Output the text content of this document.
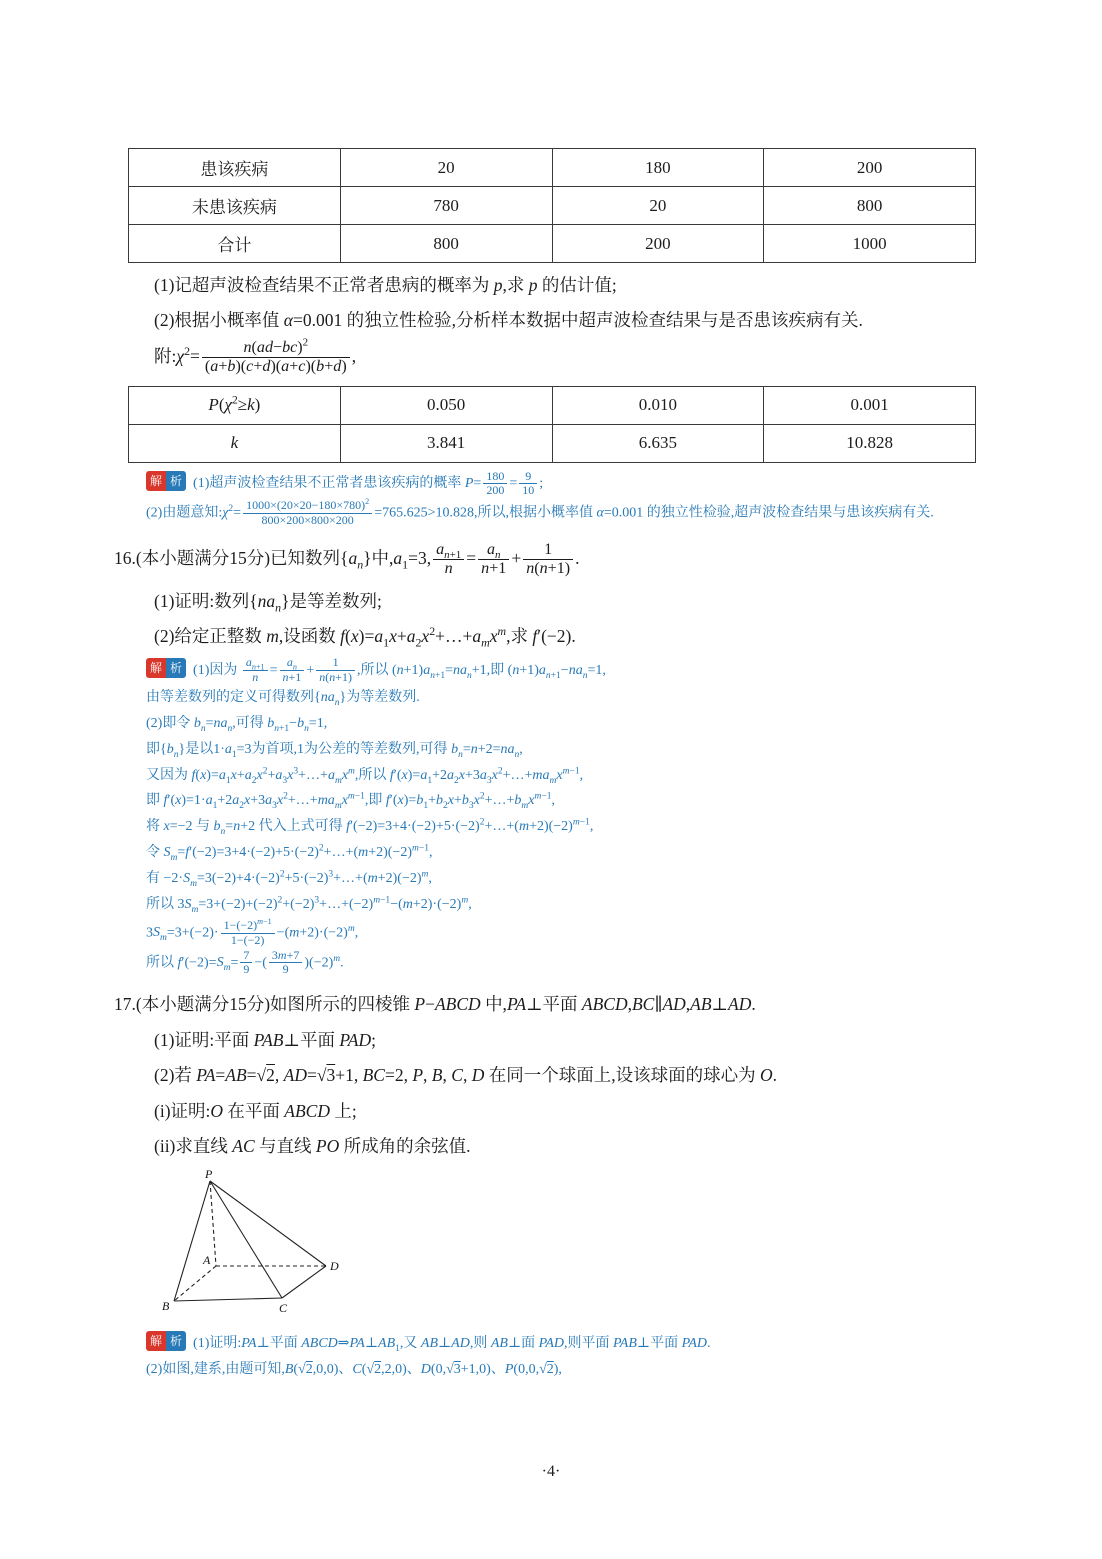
患该疾病	20	180	200
未患该疾病	780	20	800
合计	800	200	1000
(1)记超声波检查结果不正常者患病的概率为 p,求 p 的估计值;
(2)根据小概率值 α=0.001 的独立性检验,分析样本数据中超声波检查结果与是否患该疾病有关.
附$:\chi^2= \frac{n(ad-bc)^2}{(a+b)(c+d)(a+c)(b+d)}$ ,
$P(\chi^2\ge k)$	0.050	0.010	0.001
k	3.841	6.635	10.828
解 析 (1)超声波检查结果不正常者患该疾病的概率 $P= \frac{180}{200} = \frac{9}{10}$ ;
(2)由题意知$:\chi^2= \frac{1000\times(20\times 20-180\times 780)^2}{800\times 200\times 800\times 200} =765.625>10.828$,所以,根据小概率值 α=0.001 的独立性检验,超声波检查结果与患该疾病有关.
16.(本小题满分15分)已知数列$\{a_n\}$中$,a_1=3$, $\frac{a_{n+1}}{n} = \frac{a_n}{n+1} + \frac{1}{n(n+1)}$ .
(1)证明:数列$\{na_n\}$是等差数列;
(2)给定正整数 m,设函数 $f(x)=a_1x+a_2x^2+\dots+a_mx^m$,求 f′(−2).
解 析 (1)因为 $\frac{a_{n+1}}{n} = \frac{a_n}{n+1} + \frac{1}{n(n+1)}$ ,所以 $(n+1)a_{n+1}=na_n+1$,即 $(n+1)a_{n+1}-na_n=1$,
由等差数列的定义可得数列$\{na_n\}$为等差数列.
(2)即令 $b_n=na_n$,可得 $b_{n+1}-b_n=1$,
即$\{b_n\}$是以$1\cdot a_1=3$为首项,1为公差的等差数列,可得 $b_n=n+2=na_n$,
又因为 $f(x)=a_1x+a_2x^2+a_3x^3+\dots+a_mx^m$,所以 $f'(x)=a_1+2a_2x+3a_3x^2+\dots+ma_mx^{m-1}$,
即 $f'(x)=1\cdot a_1+2a_2x+3a_3x^2+\dots+ma_mx^{m-1}$,即 $f'(x)=b_1+b_2x+b_3x^2+\dots+b_mx^{m-1}$,
将 x=−2 与 $b_n=n+2$ 代入上式可得 $f'(-2)=3+4\cdot(-2)+5\cdot(-2)^2+\dots+(m+2)(-2)^{m-1}$,
令 $S_m=f'(-2)=3+4\cdot(-2)+5\cdot(-2)^2+\dots+(m+2)(-2)^{m-1}$,
有 $-2\cdot S_m=3(-2)+4\cdot(-2)^2+5\cdot(-2)^3+\dots+(m+2)(-2)^m$,
所以 $3S_m=3+(-2)+(-2)^2+(-2)^3+\dots+(-2)^{m-1}-(m+2)\cdot(-2)^m$,
$3S_m=3+(-2)\cdot \frac{1-(-2)^{m-1}}{1-(-2)} -(m+2)\cdot(-2)^m$,
所以 $f'(-2)=S_m= \frac{7}{9}$ −( $\frac{3m+7}{9} )(-2)^m$.
17.(本小题满分15分)如图所示的四棱锥 P−ABCD 中,PA⊥平面 ABCD,BC∥AD,AB⊥AD.
(1)证明:平面 PAB⊥平面 PAD;
(2)若 PA=AB=√2, AD=√3+1, BC=2, P, B, C, D 在同一个球面上,设该球面的球心为 O.
(i)证明:O 在平面 ABCD 上;
(ii)求直线 AC 与直线 PO 所成角的余弦值.
P
A
B	C
D
解 析 (1)证明:PA⊥平面 $ABCD\Rightarrow PA\perp AB_1$,又 AB⊥AD,则 AB⊥面 PAD,则平面 PAB⊥平面 PAD.
(2)如图,建系,由题可知,B(√2,0,0)、C(√2,2,0)、D(0,√3+1,0)、P(0,0,√2),
·4·
